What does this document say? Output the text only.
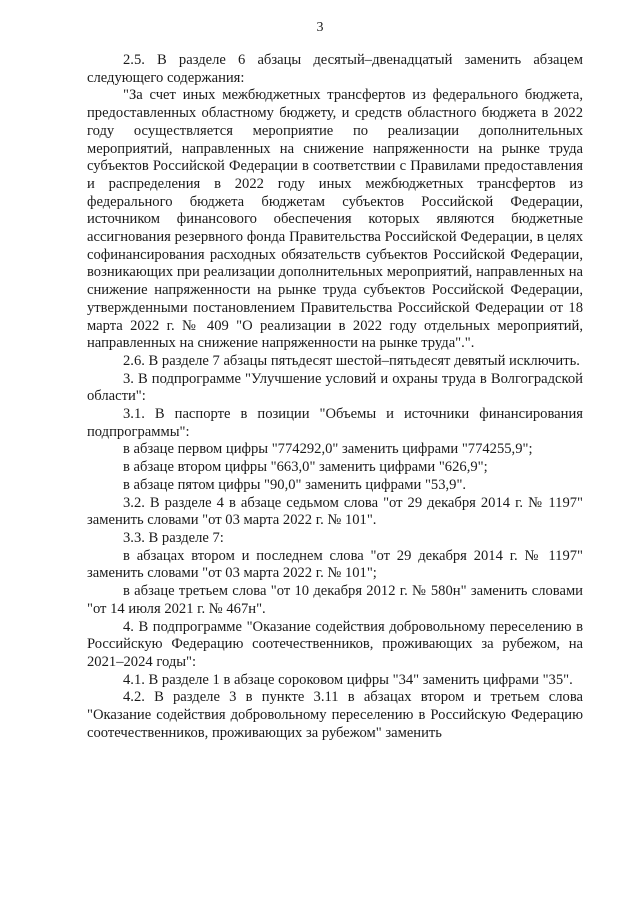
3

2.5. В разделе 6 абзацы десятый–двенадцатый заменить абзацем следующего содержания:

"За счет иных межбюджетных трансфертов из федерального бюджета, предоставленных областному бюджету, и средств областного бюджета в 2022 году осуществляется мероприятие по реализации дополнительных мероприятий, направленных на снижение напряженности на рынке труда субъектов Российской Федерации в соответствии с Правилами предоставления и распределения в 2022 году иных межбюджетных трансфертов из федерального бюджета бюджетам субъектов Российской Федерации, источником финансового обеспечения которых являются бюджетные ассигнования резервного фонда Правительства Российской Федерации, в целях софинансирования расходных обязательств субъектов Российской Федерации, возникающих при реализации дополнительных мероприятий, направленных на снижение напряженности на рынке труда субъектов Российской Федерации, утвержденными постановлением Правительства Российской Федерации от 18 марта 2022 г. № 409 "О реализации в 2022 году отдельных мероприятий, направленных на снижение напряженности на рынке труда".".

2.6. В разделе 7 абзацы пятьдесят шестой–пятьдесят девятый исключить.

3. В подпрограмме "Улучшение условий и охраны труда в Волгоградской области":

3.1. В паспорте в позиции "Объемы и источники финансирования подпрограммы":

в абзаце первом цифры "774292,0" заменить цифрами "774255,9";

в абзаце втором цифры "663,0" заменить цифрами "626,9";

в абзаце пятом цифры "90,0" заменить цифрами "53,9".

3.2. В разделе 4 в абзаце седьмом слова "от 29 декабря 2014 г. № 1197" заменить словами "от 03 марта 2022 г. № 101".

3.3. В разделе 7:

в абзацах втором и последнем слова "от 29 декабря 2014 г. № 1197" заменить словами "от 03 марта 2022 г. № 101";

в абзаце третьем слова "от 10 декабря 2012 г. № 580н" заменить словами "от 14 июля 2021 г. № 467н".

4. В подпрограмме "Оказание содействия добровольному переселению в Российскую Федерацию соотечественников, проживающих за рубежом, на 2021–2024 годы":

4.1. В разделе 1 в абзаце сороковом цифры "34" заменить цифрами "35".

4.2. В разделе 3 в пункте 3.11 в абзацах втором и третьем слова "Оказание содействия добровольному переселению в Российскую Федерацию соотечественников, проживающих за рубежом" заменить
